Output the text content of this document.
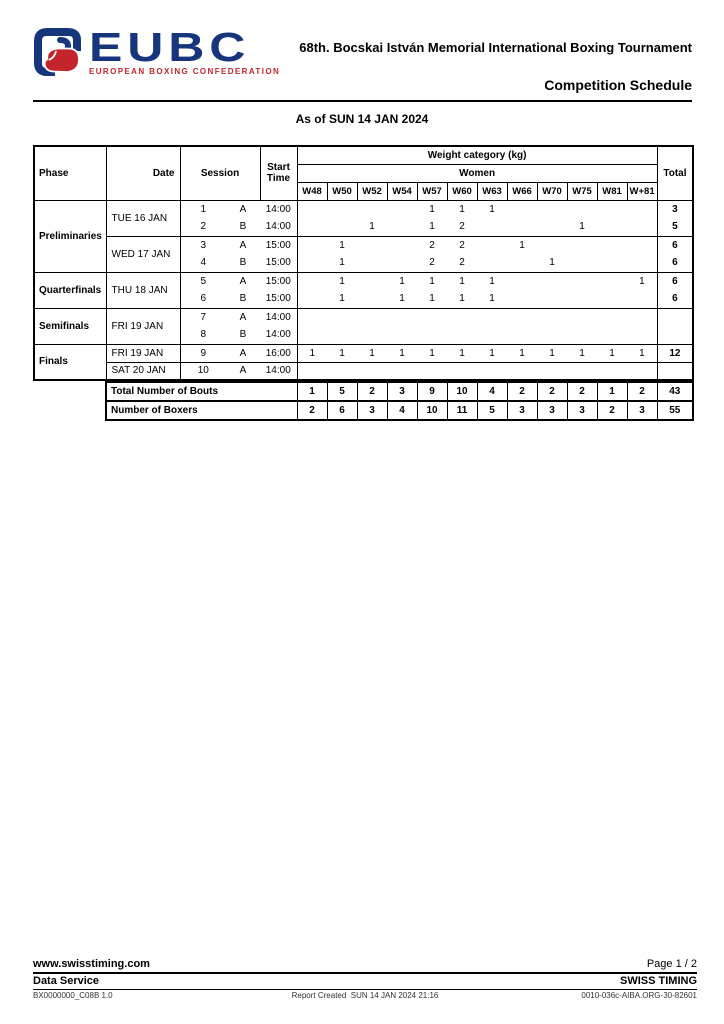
EUBC
EUROPEAN BOXING CONFEDERATION
68th. Bocskai István Memorial International Boxing Tournament
Competition Schedule
As of SUN 14 JAN 2024
Phase	Date	Session		Start Time	Weight category (kg)												Total
					Women												
					W48	W50	W52	W54	W57	W60	W63	W66	W70	W75	W81	W+81	
Preliminaries	TUE 16 JAN	1	A	14:00					1	1	1						3
		2	B	14:00			1		1	2				1			5
	WED 17 JAN	3	A	15:00		1			2	2		1					6
		4	B	15:00		1			2	2			1				6
Quarterfinals	THU 18 JAN	5	A	15:00		1		1	1	1	1					1	6
		6	B	15:00		1		1	1	1	1						6
Semifinals	FRI 19 JAN	7	A	14:00													
		8	B	14:00													
Finals	FRI 19 JAN	9	A	16:00	1	1	1	1	1	1	1	1	1	1	1	1	12
	SAT 20 JAN	10	A	14:00													
Total Number of Bouts	1	5	2	3	9	10	4	2	2	2	1	2	43
Number of Boxers	2	6	3	4	10	11	5	3	3	3	2	3	55
www.swisstiming.com	Page 1 / 2
Data Service	SWISS TIMING
BX0000000_C08B 1.0	Report Created  SUN 14 JAN 2024 21:16	0010-036c-AIBA.ORG-30-82601
